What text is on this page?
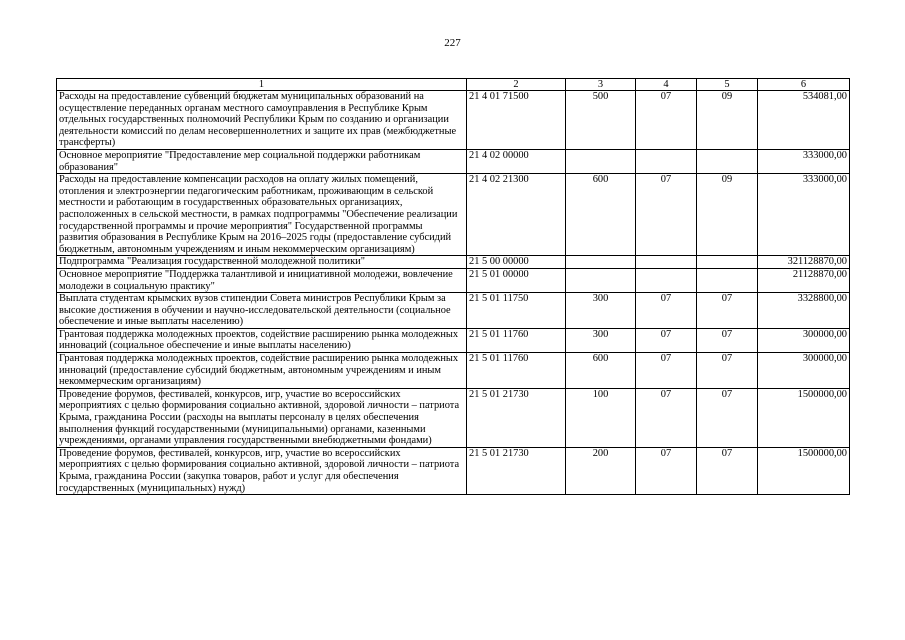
227
1	2	3	4	5	6
Расходы на предоставление субвенций бюджетам муниципальных образований на осуществление переданных органам местного самоуправления в Республике Крым отдельных государственных полномочий Республики Крым по созданию и организации деятельности комиссий по делам несовершеннолетних и защите их прав (межбюджетные трансферты)	21 4 01 71500	500	07	09	534081,00
Основное мероприятие "Предоставление мер социальной поддержки работникам образования"	21 4 02 00000				333000,00
Расходы на предоставление компенсации расходов на оплату жилых помещений, отопления и электроэнергии педагогическим работникам, проживающим в сельской местности и работающим в государственных образовательных организациях, расположенных в сельской местности, в рамках подпрограммы "Обеспечение реализации государственной программы и прочие мероприятия" Государственной программы развития образования в Республике Крым на 2016–2025 годы (предоставление субсидий бюджетным, автономным учреждениям и иным некоммерческим организациям)	21 4 02 21300	600	07	09	333000,00
Подпрограмма "Реализация государственной молодежной политики"	21 5 00 00000				321128870,00
Основное мероприятие "Поддержка талантливой и инициативной молодежи, вовлечение молодежи в социальную практику"	21 5 01 00000				21128870,00
Выплата студентам крымских вузов стипендии Совета министров Республики Крым за высокие достижения в обучении и научно-исследовательской деятельности (социальное обеспечение и иные выплаты населению)	21 5 01 11750	300	07	07	3328800,00
Грантовая поддержка молодежных проектов, содействие расширению рынка молодежных инноваций (социальное обеспечение и иные выплаты населению)	21 5 01 11760	300	07	07	300000,00
Грантовая поддержка молодежных проектов, содействие расширению рынка молодежных инноваций (предоставление субсидий бюджетным, автономным учреждениям и иным некоммерческим организациям)	21 5 01 11760	600	07	07	300000,00
Проведение форумов, фестивалей, конкурсов, игр, участие во всероссийских мероприятиях с целью формирования социально активной, здоровой личности – патриота Крыма, гражданина России (расходы на выплаты персоналу в целях обеспечения выполнения функций государственными (муниципальными) органами, казенными учреждениями, органами управления государственными внебюджетными фондами)	21 5 01 21730	100	07	07	1500000,00
Проведение форумов, фестивалей, конкурсов, игр, участие во всероссийских мероприятиях с целью формирования социально активной, здоровой личности – патриота Крыма, гражданина России (закупка товаров, работ и услуг для обеспечения государственных (муниципальных) нужд)	21 5 01 21730	200	07	07	1500000,00
